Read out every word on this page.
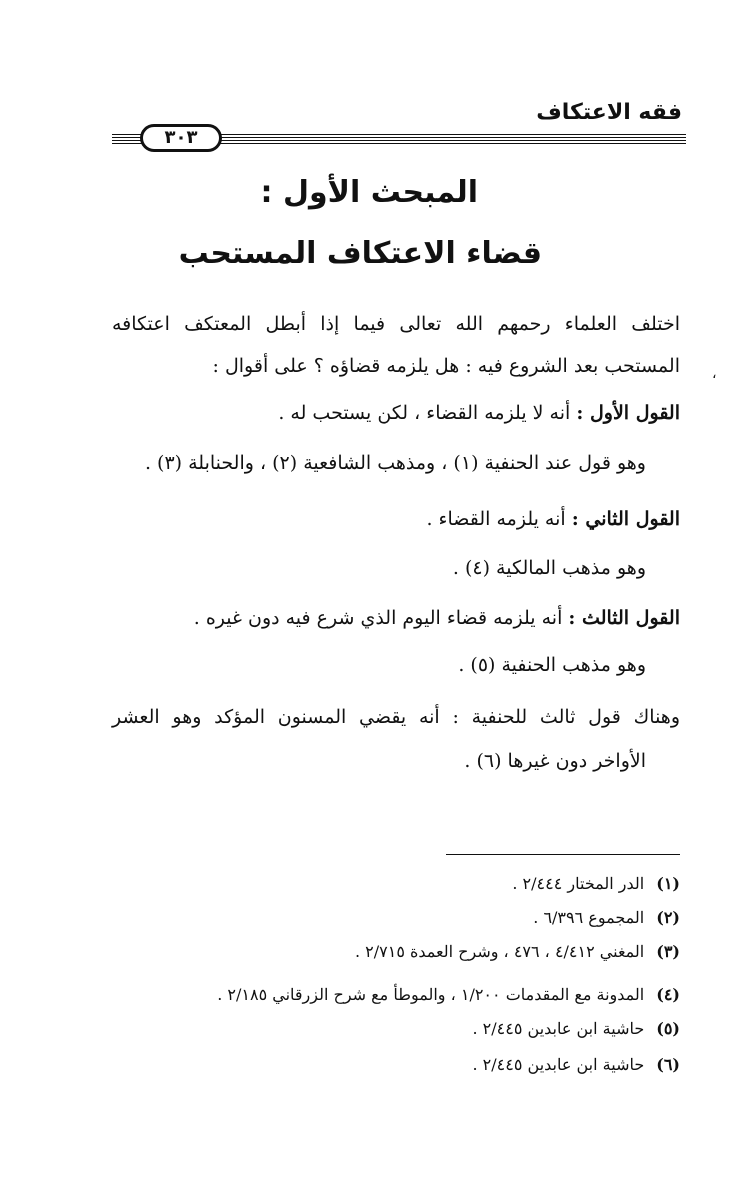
فقه الاعتكاف
٣٠٣
المبحث الأول :
قضاء الاعتكاف المستحب
اختلف العلماء رحمهم الله تعالى فيما إذا أبطل المعتكف اعتكافه
المستحب بعد الشروع فيه : هل يلزمه قضاؤه ؟ على أقوال :
القول الأول : أنه لا يلزمه القضاء ، لكن يستحب له .
وهو قول عند الحنفية (١) ، ومذهب الشافعية (٢) ، والحنابلة (٣) .
القول الثاني : أنه يلزمه القضاء .
وهو مذهب المالكية (٤) .
القول الثالث : أنه يلزمه قضاء اليوم الذي شرع فيه دون غيره .
وهو مذهب الحنفية (٥) .
وهناك قول ثالث للحنفية : أنه يقضي المسنون المؤكد وهو العشر
الأواخر دون غيرها (٦) .
(١)الدر المختار ٢/٤٤٤ .
(٢)المجموع ٦/٣٩٦ .
(٣)المغني ٤/٤١٢ ، ٤٧٦ ، وشرح العمدة ٢/٧١٥ .
(٤)المدونة مع المقدمات ١/٢٠٠ ، والموطأ مع شرح الزرقاني ٢/١٨٥ .
(٥)حاشية ابن عابدين ٢/٤٤٥ .
(٦)حاشية ابن عابدين ٢/٤٤٥ .
،
